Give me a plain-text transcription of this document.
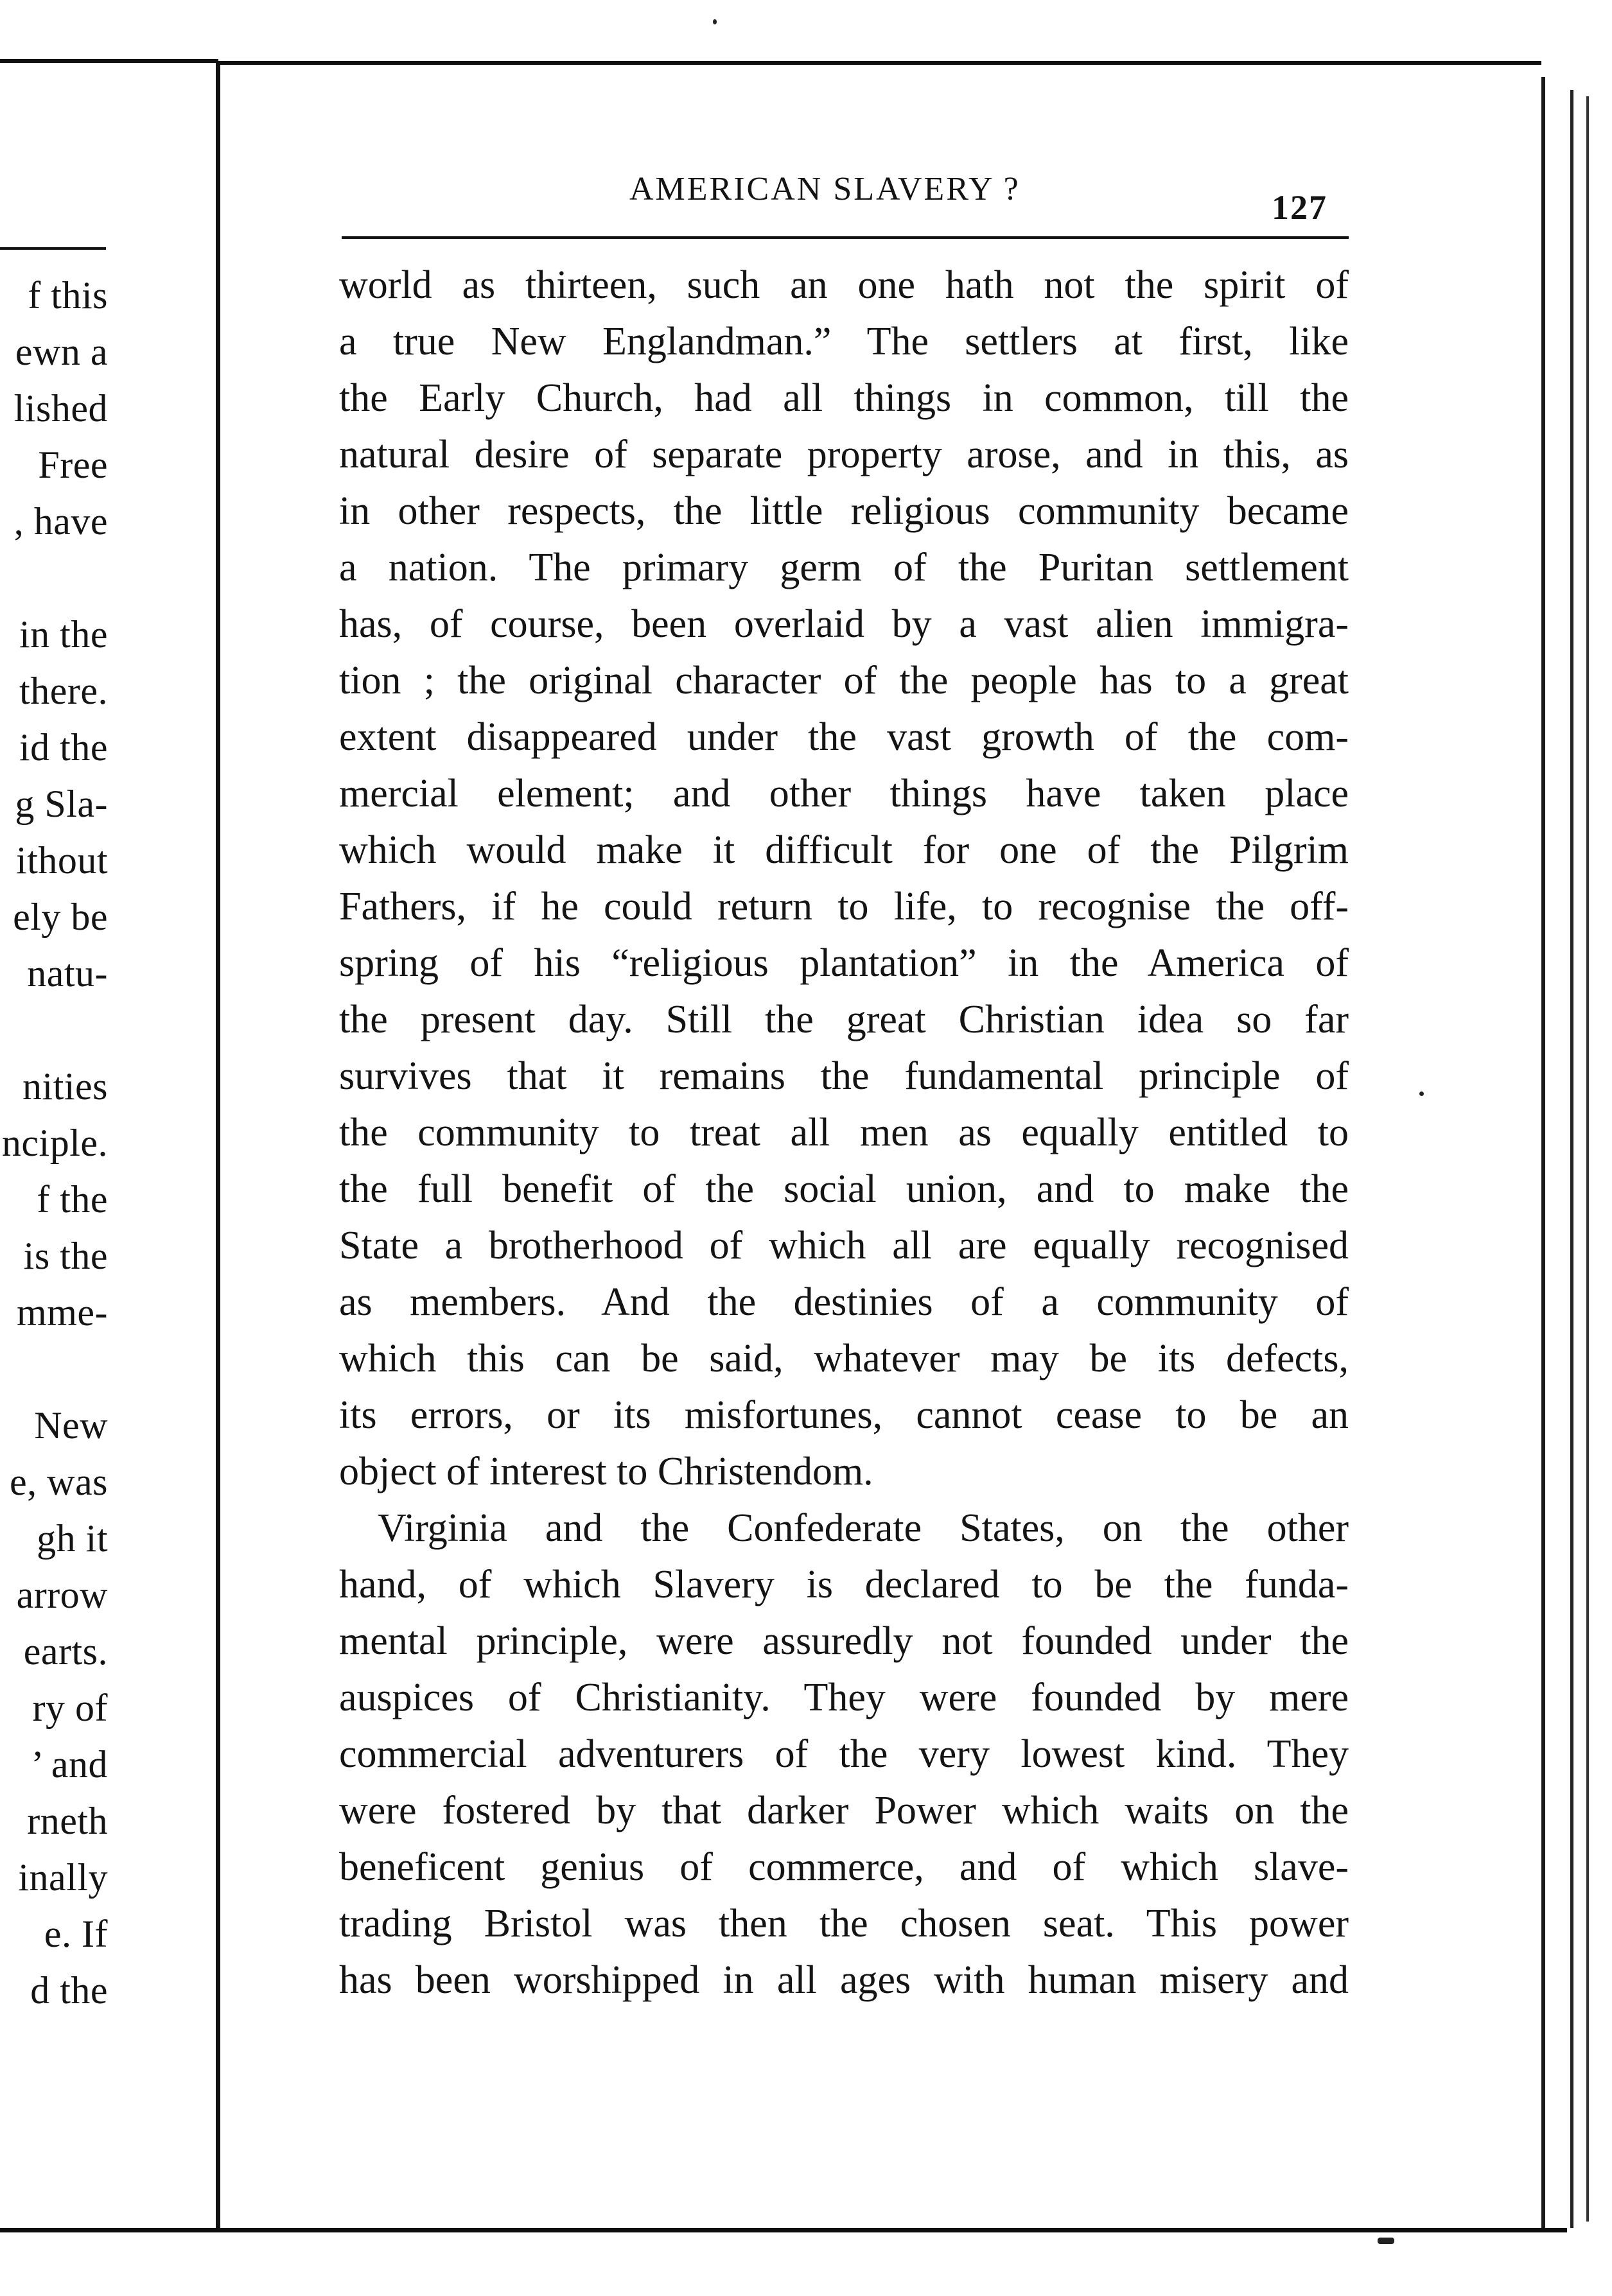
f this
ewn a
lished
Free
, have
in the
there.
id the
g Sla-
ithout
ely be
natu-
nities
nciple.
f the
is the
mme-
New
e, was
gh it
arrow
earts.
ry of
’ and
rneth
inally
e. If
d the
AMERICAN SLAVERY ?	127
world as thirteen, such an one hath not the spirit of
a true New Englandman.” The settlers at first, like
the Early Church, had all things in common, till the
natural desire of separate property arose, and in this, as
in other respects, the little religious community became
a nation. The primary germ of the Puritan settlement
has, of course, been overlaid by a vast alien immigra-
tion ; the original character of the people has to a great
extent disappeared under the vast growth of the com-
mercial element; and other things have taken place
which would make it difficult for one of the Pilgrim
Fathers, if he could return to life, to recognise the off-
spring of his “religious plantation” in the America of
the present day. Still the great Christian idea so far
survives that it remains the fundamental principle of
the community to treat all men as equally entitled to
the full benefit of the social union, and to make the
State a brotherhood of which all are equally recognised
as members. And the destinies of a community of
which this can be said, whatever may be its defects,
its errors, or its misfortunes, cannot cease to be an
object of interest to Christendom.
Virginia and the Confederate States, on the other
hand, of which Slavery is declared to be the funda-
mental principle, were assuredly not founded under the
auspices of Christianity. They were founded by mere
commercial adventurers of the very lowest kind. They
were fostered by that darker Power which waits on the
beneficent genius of commerce, and of which slave-
trading Bristol was then the chosen seat. This power
has been worshipped in all ages with human misery and
